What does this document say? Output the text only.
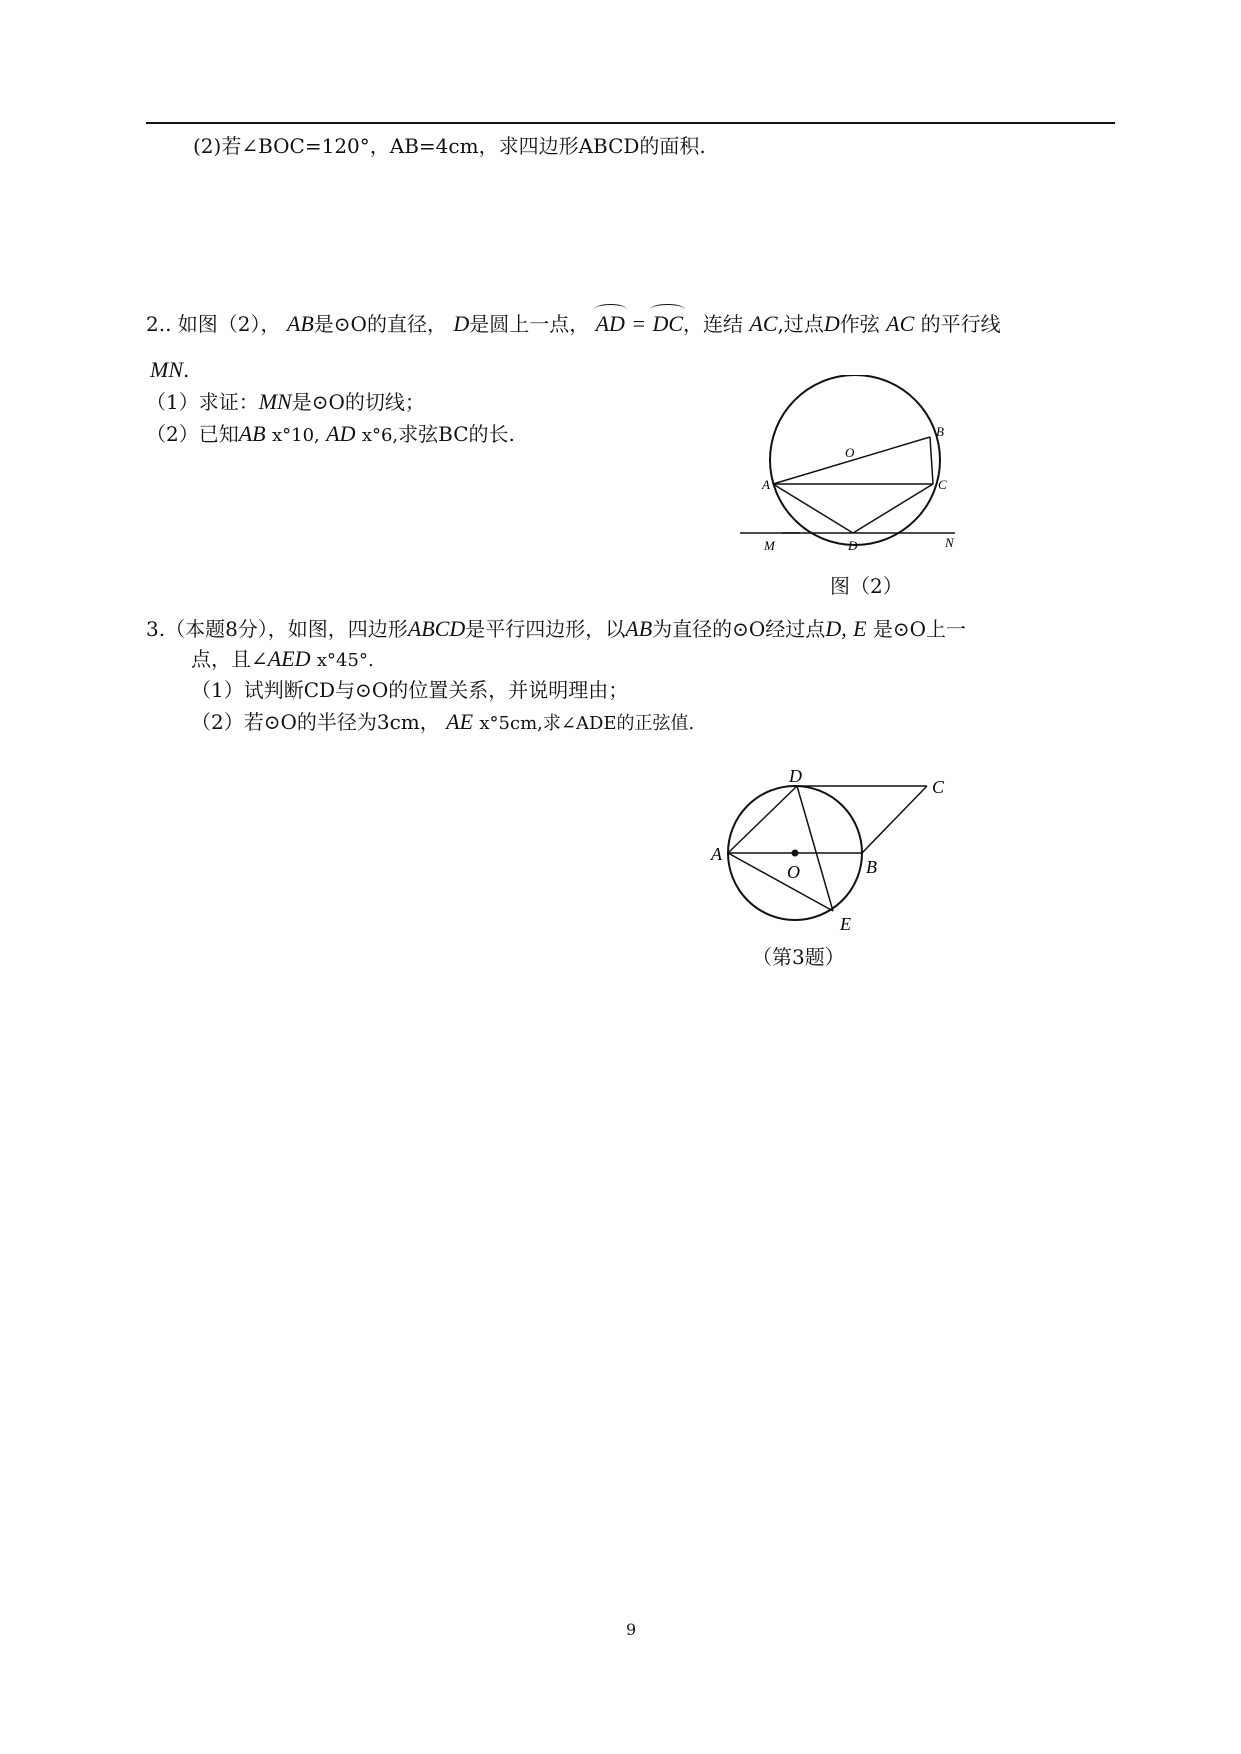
(2)若∠BOC=120°，AB=4cm，求四边形ABCD的面积.
2.. 如图（2）， AB是⊙O的直径， D是圆上一点， AD = DC，连结 AC,过点D作弦 AC 的平行线
MN.
（1）求证：MN是⊙O的切线；
（2）已知AB ⅹ°10, AD ⅹ°6,求弦BC的长.
A
B
C
O
D
M	N
图（2）
3.（本题8分），如图，四边形ABCD是平行四边形，以AB为直径的⊙O经过点D, E 是⊙O上一
点，且∠AED ⅹ°45°.
（1）试判断CD与⊙O的位置关系，并说明理由；
（2）若⊙O的半径为3cm， AE ⅹ°5cm,求∠ADE的正弦值.
D
C
A
B
O
E
（第3题）
9
